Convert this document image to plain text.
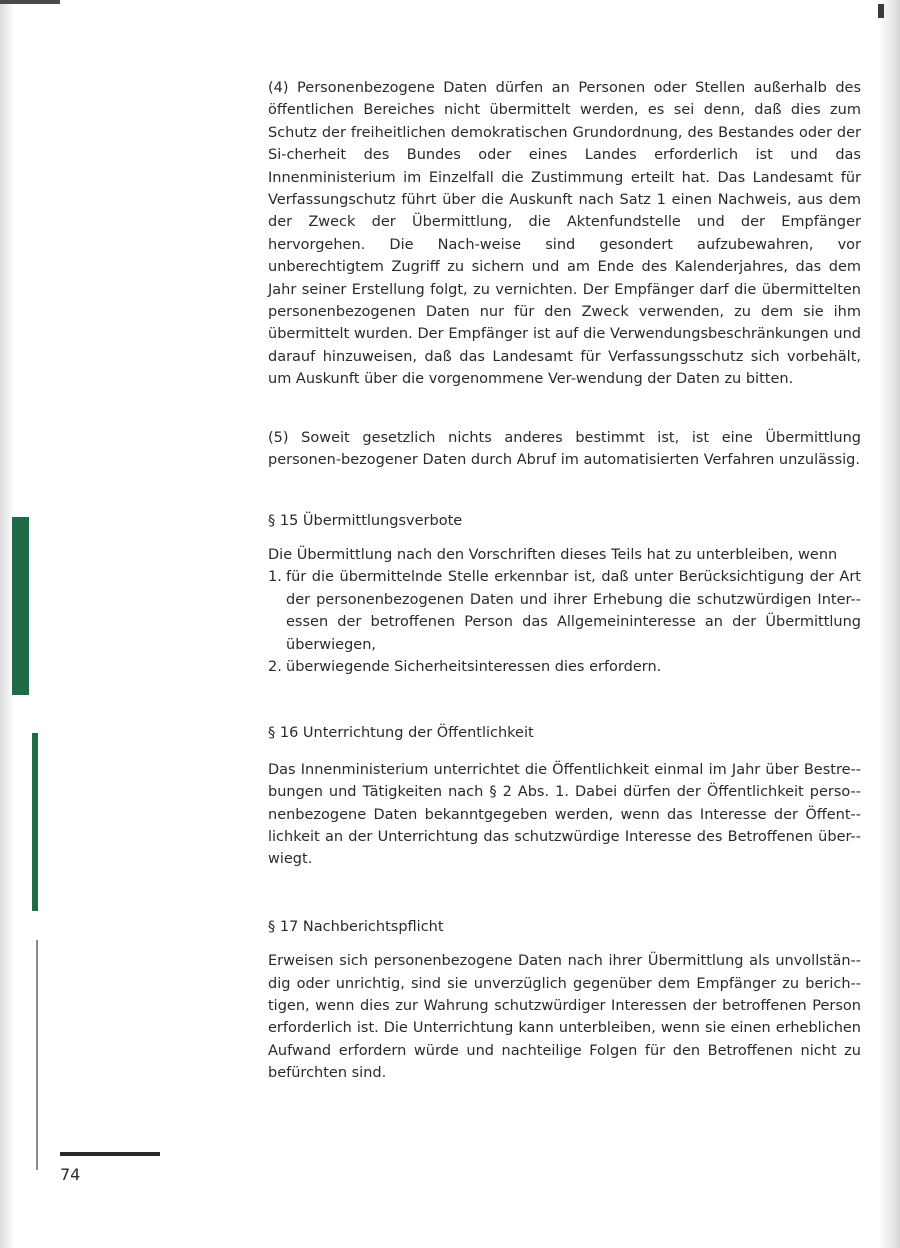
(4) Personenbezogene Daten dürfen an Personen oder Stellen außerhalb des öffentlichen Bereiches nicht übermittelt werden, es sei denn, daß dies zum Schutz der freiheitlichen demokratischen Grundordnung, des Bestandes oder der Si-cherheit des Bundes oder eines Landes erforderlich ist und das Innenministerium im Einzelfall die Zustimmung erteilt hat. Das Landesamt für Verfassungschutz führt über die Auskunft nach Satz 1 einen Nachweis, aus dem der Zweck der Übermittlung, die Aktenfundstelle und der Empfänger hervorgehen. Die Nach-weise sind gesondert aufzubewahren, vor unberechtigtem Zugriff zu sichern und am Ende des Kalenderjahres, das dem Jahr seiner Erstellung folgt, zu vernichten. Der Empfänger darf die übermittelten personenbezogenen Daten nur für den Zweck verwenden, zu dem sie ihm übermittelt wurden. Der Empfänger ist auf die Verwendungsbeschränkungen und darauf hinzuweisen, daß das Landesamt für Verfassungsschutz sich vorbehält, um Auskunft über die vorgenommene Ver-wendung der Daten zu bitten.

(5) Soweit gesetzlich nichts anderes bestimmt ist, ist eine Übermittlung personen-bezogener Daten durch Abruf im automatisierten Verfahren unzulässig.

§ 15 Übermittlungsverbote

Die Übermittlung nach den Vorschriften dieses Teils hat zu unterbleiben, wenn

1. für die übermittelnde Stelle erkennbar ist, daß unter Berücksichtigung der Art der personenbezogenen Daten und ihrer Erhebung die schutzwürdigen Inter-essen der betroffenen Person das Allgemeininteresse an der Übermittlung überwiegen,
2. überwiegende Sicherheitsinteressen dies erfordern.
§ 16 Unterrichtung der Öffentlichkeit

Das Innenministerium unterrichtet die Öffentlichkeit einmal im Jahr über Bestre-bungen und Tätigkeiten nach § 2 Abs. 1. Dabei dürfen der Öffentlichkeit perso-nenbezogene Daten bekanntgegeben werden, wenn das Interesse der Öffent-lichkeit an der Unterrichtung das schutzwürdige Interesse des Betroffenen über-wiegt.

§ 17 Nachberichtspflicht

Erweisen sich personenbezogene Daten nach ihrer Übermittlung als unvollstän-dig oder unrichtig, sind sie unverzüglich gegenüber dem Empfänger zu berich-tigen, wenn dies zur Wahrung schutzwürdiger Interessen der betroffenen Person erforderlich ist. Die Unterrichtung kann unterbleiben, wenn sie einen erheblichen Aufwand erfordern würde und nachteilige Folgen für den Betroffenen nicht zu befürchten sind.

74
